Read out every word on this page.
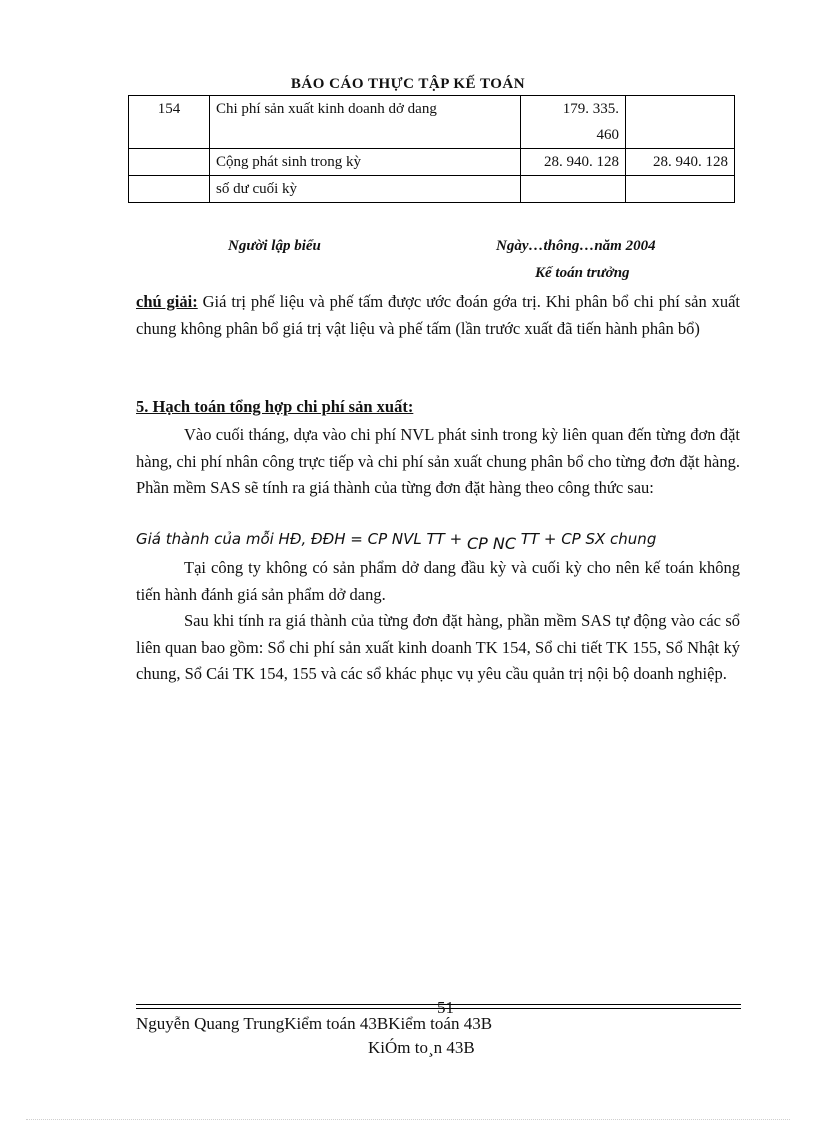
BÁO CÁO THỰC TẬP KẾ TOÁN
154	Chi phí sản xuất kinh doanh dở dang	179. 335.
460	

	Cộng phát sinh trong kỳ	28. 940. 128	28. 940. 128
	số dư cuối kỳ		
Người lập biểu	Ngày…thông…năm 2004
Kế toán trưởng
chú giải: Giá trị phế liệu và phế tấm được ước đoán gớa trị. Khi phân bổ chi phí sản xuất chung không phân bổ giá trị vật liệu và phế tấm (lần trước xuất đã tiến hành phân bổ)
5. Hạch toán tổng hợp chi phí sản xuất:
Vào cuối tháng, dựa vào chi phí NVL phát sinh trong kỳ liên quan đến từng đơn đặt hàng, chi phí nhân công trực tiếp và chi phí sản xuất chung phân bổ cho từng đơn đặt hàng. Phần mềm SAS sẽ tính ra giá thành của từng đơn đặt hàng theo công thức sau:
Giá thành của mỗi HĐ, ĐĐH = CP NVL TT + CP NC TT + CP SX chung
Tại công ty không có sản phẩm dở dang đầu kỳ và cuối kỳ cho nên kế toán không tiến hành đánh giá sản phẩm dở dang.
Sau khi tính ra giá thành của từng đơn đặt hàng, phần mềm SAS tự động vào các sổ liên quan bao gồm: Sổ chi phí sản xuất kinh doanh TK 154, Sổ chi tiết TK 155, Sổ Nhật ký chung, Sổ Cái TK 154, 155 và các sổ khác phục vụ yêu cầu quản trị nội bộ doanh nghiệp.
51
Nguyễn Quang TrungKiểm toán 43BKiểm toán 43B
KiÓm to¸n 43B
